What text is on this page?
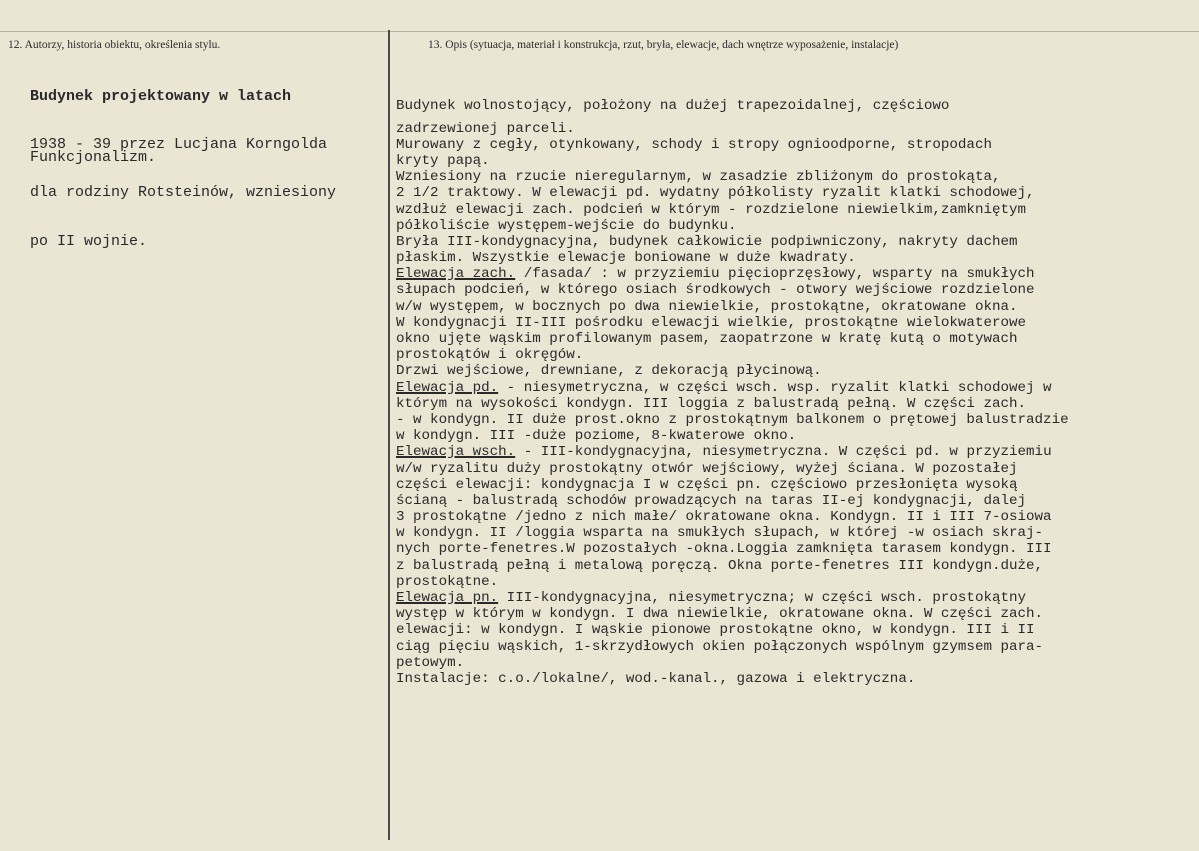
12. Autorzy, historia obiektu, określenia stylu.	13. Opis (sytuacja, materiał i konstrukcja, rzut, bryła, elewacje, dach wnętrze wyposażenie, instalacje)

Budynek projektowany w latach

1938 - 39 przez Lucjana Korngolda

dla rodziny Rotsteinów, wzniesiony

po II wojnie.

Funkcjonalizm.

Budynek wolnostojący, położony na dużej trapezoidalnej, częściowo
zadrzewionej parceli.
Murowany z cegły, otynkowany, schody i stropy ognioodporne, stropodach
kryty papą.
Wzniesiony na rzucie nieregularnym, w zasadzie zbliżonym do prostokąta,
2 1/2 traktowy. W elewacji pd. wydatny półkolisty ryzalit klatki schodowej,
wzdłuż elewacji zach. podcień w którym - rozdzielone niewielkim,zamkniętym
półkoliście występem-wejście do budynku.
Bryła III-kondygnacyjna, budynek całkowicie podpiwniczony, nakryty dachem
płaskim. Wszystkie elewacje boniowane w duże kwadraty.
Elewacja zach. /fasada/ : w przyziemiu pięcioprzęsłowy, wsparty na smukłych
słupach podcień, w którego osiach środkowych - otwory wejściowe rozdzielone
w/w występem, w bocznych po dwa niewielkie, prostokątne, okratowane okna.
W kondygnacji II-III pośrodku elewacji wielkie, prostokątne wielokwaterowe
okno ujęte wąskim profilowanym pasem, zaopatrzone w kratę kutą o motywach
prostokątów i okręgów.
Drzwi wejściowe, drewniane, z dekoracją płycinową.
Elewacja pd. - niesymetryczna, w części wsch. wsp. ryzalit klatki schodowej w
którym na wysokości kondygn. III loggia z balustradą pełną. W części zach.
- w kondygn. II duże prost.okno z prostokątnym balkonem o prętowej balustradzie
w kondygn. III -duże poziome, 8-kwaterowe okno.
Elewacja wsch. - III-kondygnacyjna, niesymetryczna. W części pd. w przyziemiu
w/w ryzalitu duży prostokątny otwór wejściowy, wyżej ściana. W pozostałej
części elewacji: kondygnacja I w części pn. częściowo przesłonięta wysoką
ścianą - balustradą schodów prowadzących na taras II-ej kondygnacji, dalej
3 prostokątne /jedno z nich małe/ okratowane okna. Kondygn. II i III 7-osiowa
w kondygn. II /loggia wsparta na smukłych słupach, w której -w osiach skraj-
nych porte-fenetres.W pozostałych -okna.Loggia zamknięta tarasem kondygn. III
z balustradą pełną i metalową poręczą. Okna porte-fenetres III kondygn.duże,
prostokątne.
Elewacja pn. III-kondygnacyjna, niesymetryczna; w części wsch. prostokątny
występ w którym w kondygn. I dwa niewielkie, okratowane okna. W części zach.
elewacji: w kondygn. I wąskie pionowe prostokątne okno, w kondygn. III i II
ciąg pięciu wąskich, 1-skrzydłowych okien połączonych wspólnym gzymsem para-
petowym.
Instalacje: c.o./lokalne/, wod.-kanal., gazowa i elektryczna.
